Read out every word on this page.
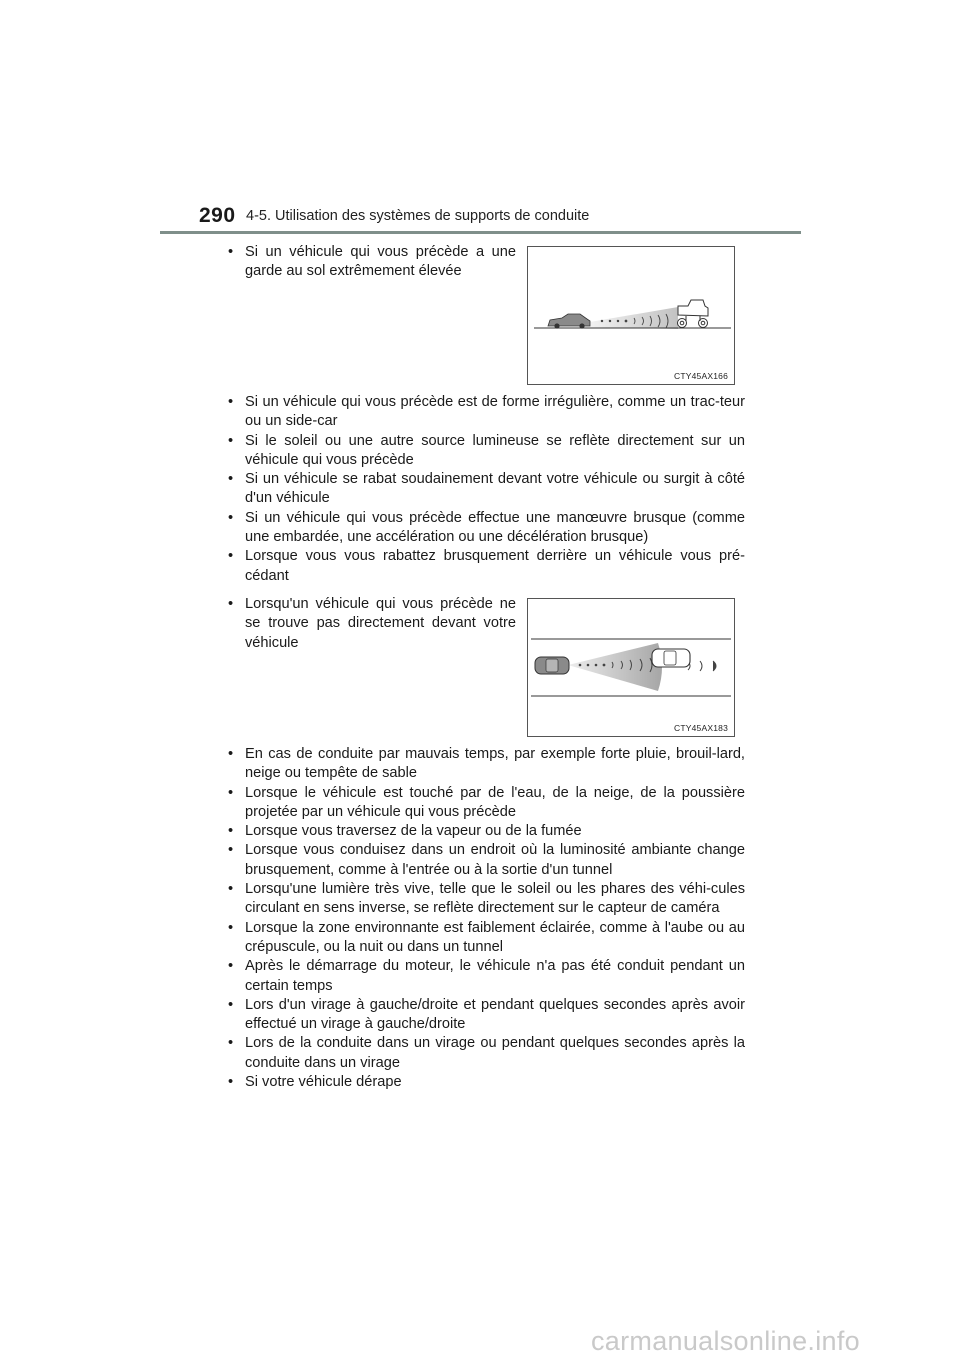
290 4-5. Utilisation des systèmes de supports de conduite
• Si un véhicule qui vous précède a une garde au sol extrêmement élevée
CTY45AX166
• Si un véhicule qui vous précède est de forme irrégulière, comme un trac-teur ou un side-car
• Si le soleil ou une autre source lumineuse se reflète directement sur un véhicule qui vous précède
• Si un véhicule se rabat soudainement devant votre véhicule ou surgit à côté d'un véhicule
• Si un véhicule qui vous précède effectue une manœuvre brusque (comme une embardée, une accélération ou une décélération brusque)
• Lorsque vous vous rabattez brusquement derrière un véhicule vous pré-cédant
• Lorsqu'un véhicule qui vous précède ne se trouve pas directement devant votre véhicule
CTY45AX183
• En cas de conduite par mauvais temps, par exemple forte pluie, brouil-lard, neige ou tempête de sable
• Lorsque le véhicule est touché par de l'eau, de la neige, de la poussière projetée par un véhicule qui vous précède
• Lorsque vous traversez de la vapeur ou de la fumée
• Lorsque vous conduisez dans un endroit où la luminosité ambiante change brusquement, comme à l'entrée ou à la sortie d'un tunnel
• Lorsqu'une lumière très vive, telle que le soleil ou les phares des véhi-cules circulant en sens inverse, se reflète directement sur le capteur de caméra
• Lorsque la zone environnante est faiblement éclairée, comme à l'aube ou au crépuscule, ou la nuit ou dans un tunnel
• Après le démarrage du moteur, le véhicule n'a pas été conduit pendant un certain temps
• Lors d'un virage à gauche/droite et pendant quelques secondes après avoir effectué un virage à gauche/droite
• Lors de la conduite dans un virage ou pendant quelques secondes après la conduite dans un virage
• Si votre véhicule dérape
carmanualsonline.info
